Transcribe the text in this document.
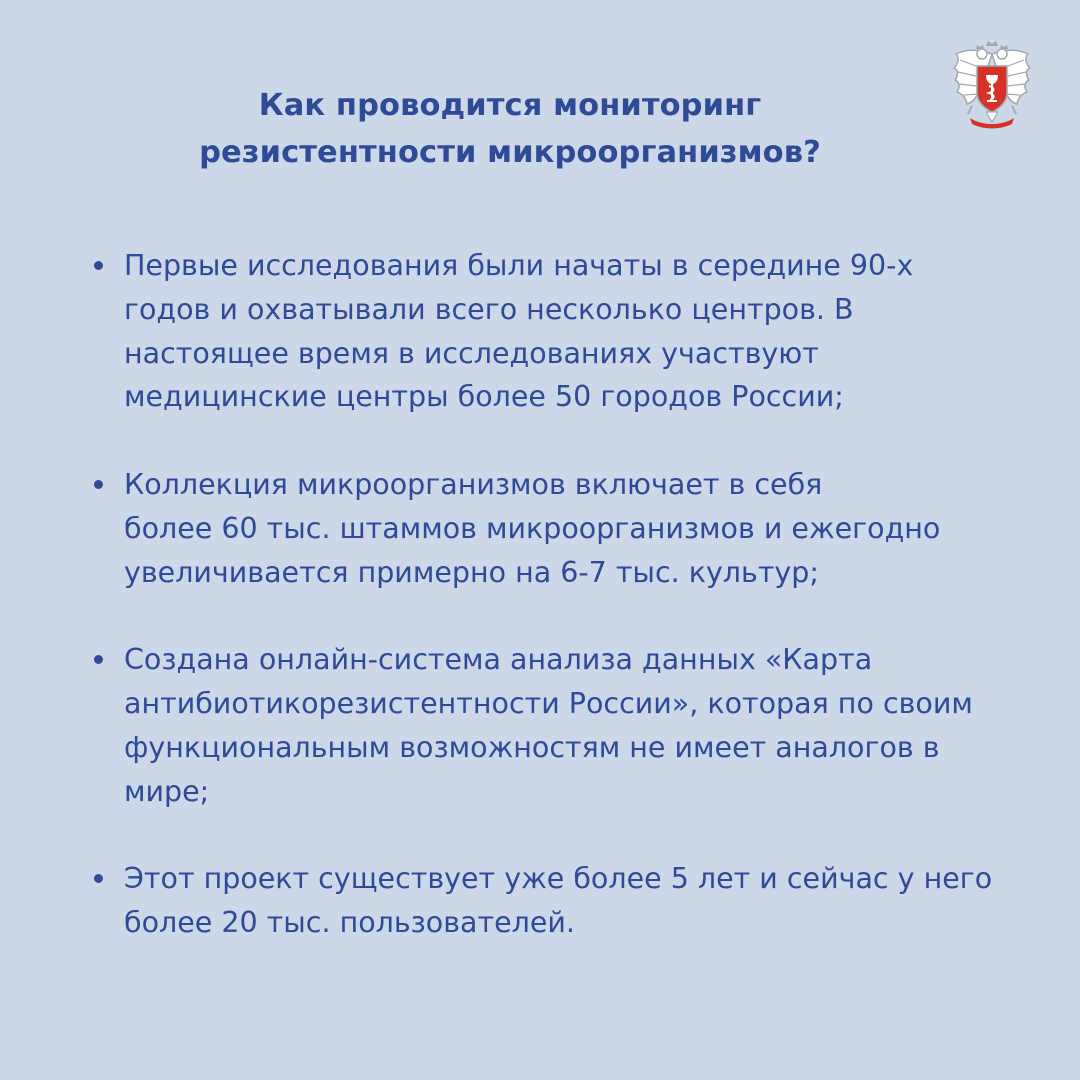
Как проводится мониторинг
резистентности микроорганизмов?
Первые исследования были начаты в середине 90-х
годов и охватывали всего несколько центров. В
настоящее время в исследованиях участвуют
медицинские центры более 50 городов России;
Коллекция микроорганизмов включает в себя
более 60 тыс. штаммов микроорганизмов и ежегодно
увеличивается примерно на 6-7 тыс. культур;
Создана онлайн-система анализа данных «Карта
антибиотикорезистентности России», которая по своим
функциональным возможностям не имеет аналогов в
мире;
Этот проект существует уже более 5 лет и сейчас у него
более 20 тыс. пользователей.
